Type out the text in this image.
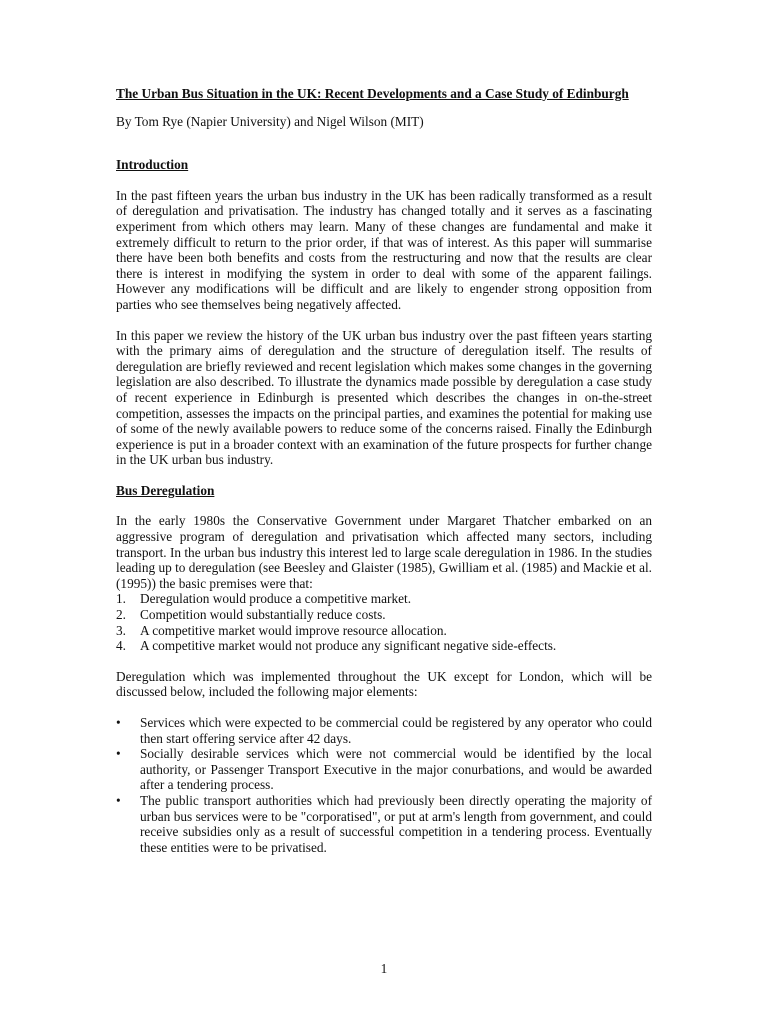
The Urban Bus Situation in the UK: Recent Developments and a Case Study of Edinburgh

By Tom Rye (Napier University) and Nigel Wilson (MIT)

Introduction

In the past fifteen years the urban bus industry in the UK has been radically transformed as a result of deregulation and privatisation. The industry has changed totally and it serves as a fascinating experiment from which others may learn. Many of these changes are fundamental and make it extremely difficult to return to the prior order, if that was of interest. As this paper will summarise there have been both benefits and costs from the restructuring and now that the results are clear there is interest in modifying the system in order to deal with some of the apparent failings. However any modifications will be difficult and are likely to engender strong opposition from parties who see themselves being negatively affected.

In this paper we review the history of the UK urban bus industry over the past fifteen years starting with the primary aims of deregulation and the structure of deregulation itself. The results of deregulation are briefly reviewed and recent legislation which makes some changes in the governing legislation are also described. To illustrate the dynamics made possible by deregulation a case study of recent experience in Edinburgh is presented which describes the changes in on-the-street competition, assesses the impacts on the principal parties, and examines the potential for making use of some of the newly available powers to reduce some of the concerns raised. Finally the Edinburgh experience is put in a broader context with an examination of the future prospects for further change in the UK urban bus industry.

Bus Deregulation

In the early 1980s the Conservative Government under Margaret Thatcher embarked on an aggressive program of deregulation and privatisation which affected many sectors, including transport. In the urban bus industry this interest led to large scale deregulation in 1986. In the studies leading up to deregulation (see Beesley and Glaister (1985), Gwilliam et al. (1985) and Mackie et al.(1995)) the basic premises were that:

1. Deregulation would produce a competitive market.
2. Competition would substantially reduce costs.
3. A competitive market would improve resource allocation.
4. A competitive market would not produce any significant negative side-effects.

Deregulation which was implemented throughout the UK except for London, which will be discussed below, included the following major elements:

• Services which were expected to be commercial could be registered by any operator who could then start offering service after 42 days.
• Socially desirable services which were not commercial would be identified by the local authority, or Passenger Transport Executive in the major conurbations, and would be awarded after a tendering process.
• The public transport authorities which had previously been directly operating the majority of urban bus services were to be "corporatised", or put at arm's length from government, and could receive subsidies only as a result of successful competition in a tendering process. Eventually these entities were to be privatised.
1
